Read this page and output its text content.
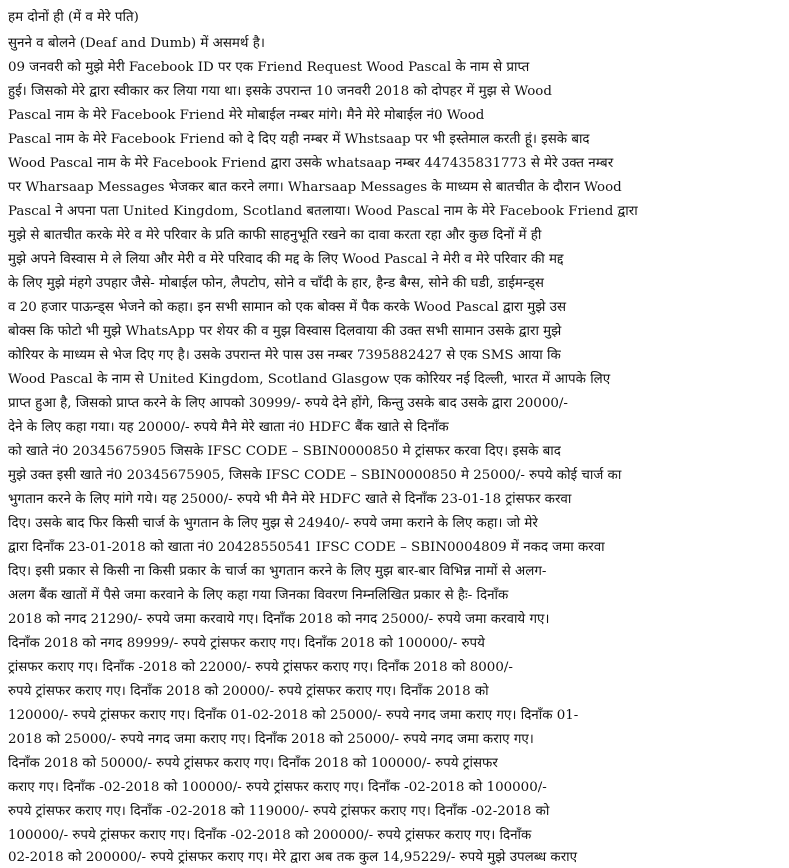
हम दोनों ही (में व मेरे पति)
सुनने व बोलने (Deaf and Dumb) में असमर्थ है।
09 जनवरी को मुझे मेरी Facebook ID पर एक Friend Request Wood Pascal के नाम से प्राप्त
हुई। जिसको मेरे द्वारा स्वीकार कर लिया गया था। इसके उपरान्त 10 जनवरी 2018 को दोपहर में मुझ से Wood
Pascal नाम के मेरे Facebook Friend मेरे मोबाईल नम्बर मांगे। मैने मेरे मोबाईल नं0 Wood
Pascal नाम के मेरे Facebook Friend को दे दिए यही नम्बर में Whstsaap पर भी इस्तेमाल करती हूं। इसके बाद
Wood Pascal नाम के मेरे Facebook Friend द्वारा उसके whatsaap नम्बर 447435831773 से मेरे उक्त नम्बर
पर Wharsaap Messages भेजकर बात करने लगा। Wharsaap Messages के माध्यम से बातचीत के दौरान Wood
Pascal ने अपना पता United Kingdom, Scotland बतलाया। Wood Pascal नाम के मेरे Facebook Friend द्वारा
मुझे से बातचीत करके मेरे व मेरे परिवार के प्रति काफी साहनुभूति रखने का दावा करता रहा और कुछ दिनों में ही
मुझे अपने विस्वास मे ले लिया और मेरी व मेरे परिवाद की मद्द के लिए Wood Pascal ने मेरी व मेरे परिवार की मद्द
के लिए मुझे मंहगे उपहार जैसे- मोबाईल फोन, लैपटोप, सोने व चाँदी के हार, हैन्ड बैग्स, सोने की घडी, डाईमन्ड्स
व 20 हजार पाऊन्ड्स भेजने को कहा। इन सभी सामान को एक बोक्स में पैक करके Wood Pascal द्वारा मुझे उस
बोक्स कि फोटो भी मुझे WhatsApp पर शेयर की व मुझ विस्वास दिलवाया की उक्त सभी सामान उसके द्वारा मुझे
कोरियर के माध्यम से भेज दिए गए है। उसके उपरान्त मेरे पास उस नम्बर 7395882427 से एक SMS आया कि
Wood Pascal के नाम से United Kingdom, Scotland Glasgow एक कोरियर नई दिल्ली, भारत में आपके लिए
प्राप्त हुआ है, जिसको प्राप्त करने के लिए आपको 30999/- रुपये देने होंगे, किन्तु उसके बाद उसके द्वारा 20000/-
देने के लिए कहा गया। यह 20000/- रुपये मैने मेरे खाता नं0 HDFC बैंक खाते से दिनाँक
को खाते नं0 20345675905 जिसके IFSC CODE – SBIN0000850 मे ट्रांसफर करवा दिए। इसके बाद
मुझे उक्त इसी खाते नं0 20345675905, जिसके IFSC CODE – SBIN0000850 मे 25000/- रुपये कोई चार्ज का
भुगतान करने के लिए मांगे गये। यह 25000/- रुपये भी मैने मेरे HDFC खाते से दिनाँक 23-01-18 ट्रांसफर करवा
दिए। उसके बाद फिर किसी चार्ज के भुगतान के लिए मुझ से 24940/- रुपये जमा कराने के लिए कहा। जो मेरे
द्वारा दिनाँक 23-01-2018 को खाता नं0 20428550541 IFSC CODE – SBIN0004809 में नकद जमा करवा
दिए। इसी प्रकार से किसी ना किसी प्रकार के चार्ज का भुगतान करने के लिए मुझ बार-बार विभिन्न नामों से अलग-
अलग बैंक खातों में पैसे जमा करवाने के लिए कहा गया जिनका विवरण निम्नलिखित प्रकार से हैः- दिनाँक
2018 को नगद 21290/- रुपये जमा करवाये गए। दिनाँक 2018 को नगद 25000/- रुपये जमा करवाये गए।
दिनाँक 2018 को नगद 89999/- रुपये ट्रांसफर कराए गए। दिनाँक 2018 को 100000/- रुपये
ट्रांसफर कराए गए। दिनाँक -2018 को 22000/- रुपये ट्रांसफर कराए गए। दिनाँक 2018 को 8000/-
रुपये ट्रांसफर कराए गए। दिनाँक 2018 को 20000/- रुपये ट्रांसफर कराए गए। दिनाँक 2018 को
120000/- रुपये ट्रांसफर कराए गए। दिनाँक 01-02-2018 को 25000/- रुपये नगद जमा कराए गए। दिनाँक 01-
2018 को 25000/- रुपये नगद जमा कराए गए। दिनाँक 2018 को 25000/- रुपये नगद जमा कराए गए।
दिनाँक 2018 को 50000/- रुपये ट्रांसफर कराए गए। दिनाँक 2018 को 100000/- रुपये ट्रांसफर
कराए गए। दिनाँक -02-2018 को 100000/- रुपये ट्रांसफर कराए गए। दिनाँक -02-2018 को 100000/-
रुपये ट्रांसफर कराए गए। दिनाँक -02-2018 को 119000/- रुपये ट्रांसफर कराए गए। दिनाँक -02-2018 को
100000/- रुपये ट्रांसफर कराए गए। दिनाँक -02-2018 को 200000/- रुपये ट्रांसफर कराए गए। दिनाँक
02-2018 को 200000/- रुपये ट्रांसफर कराए गए। मेरे द्वारा अब तक कुल 14,95229/- रुपये मुझे उपलब्ध कराए
